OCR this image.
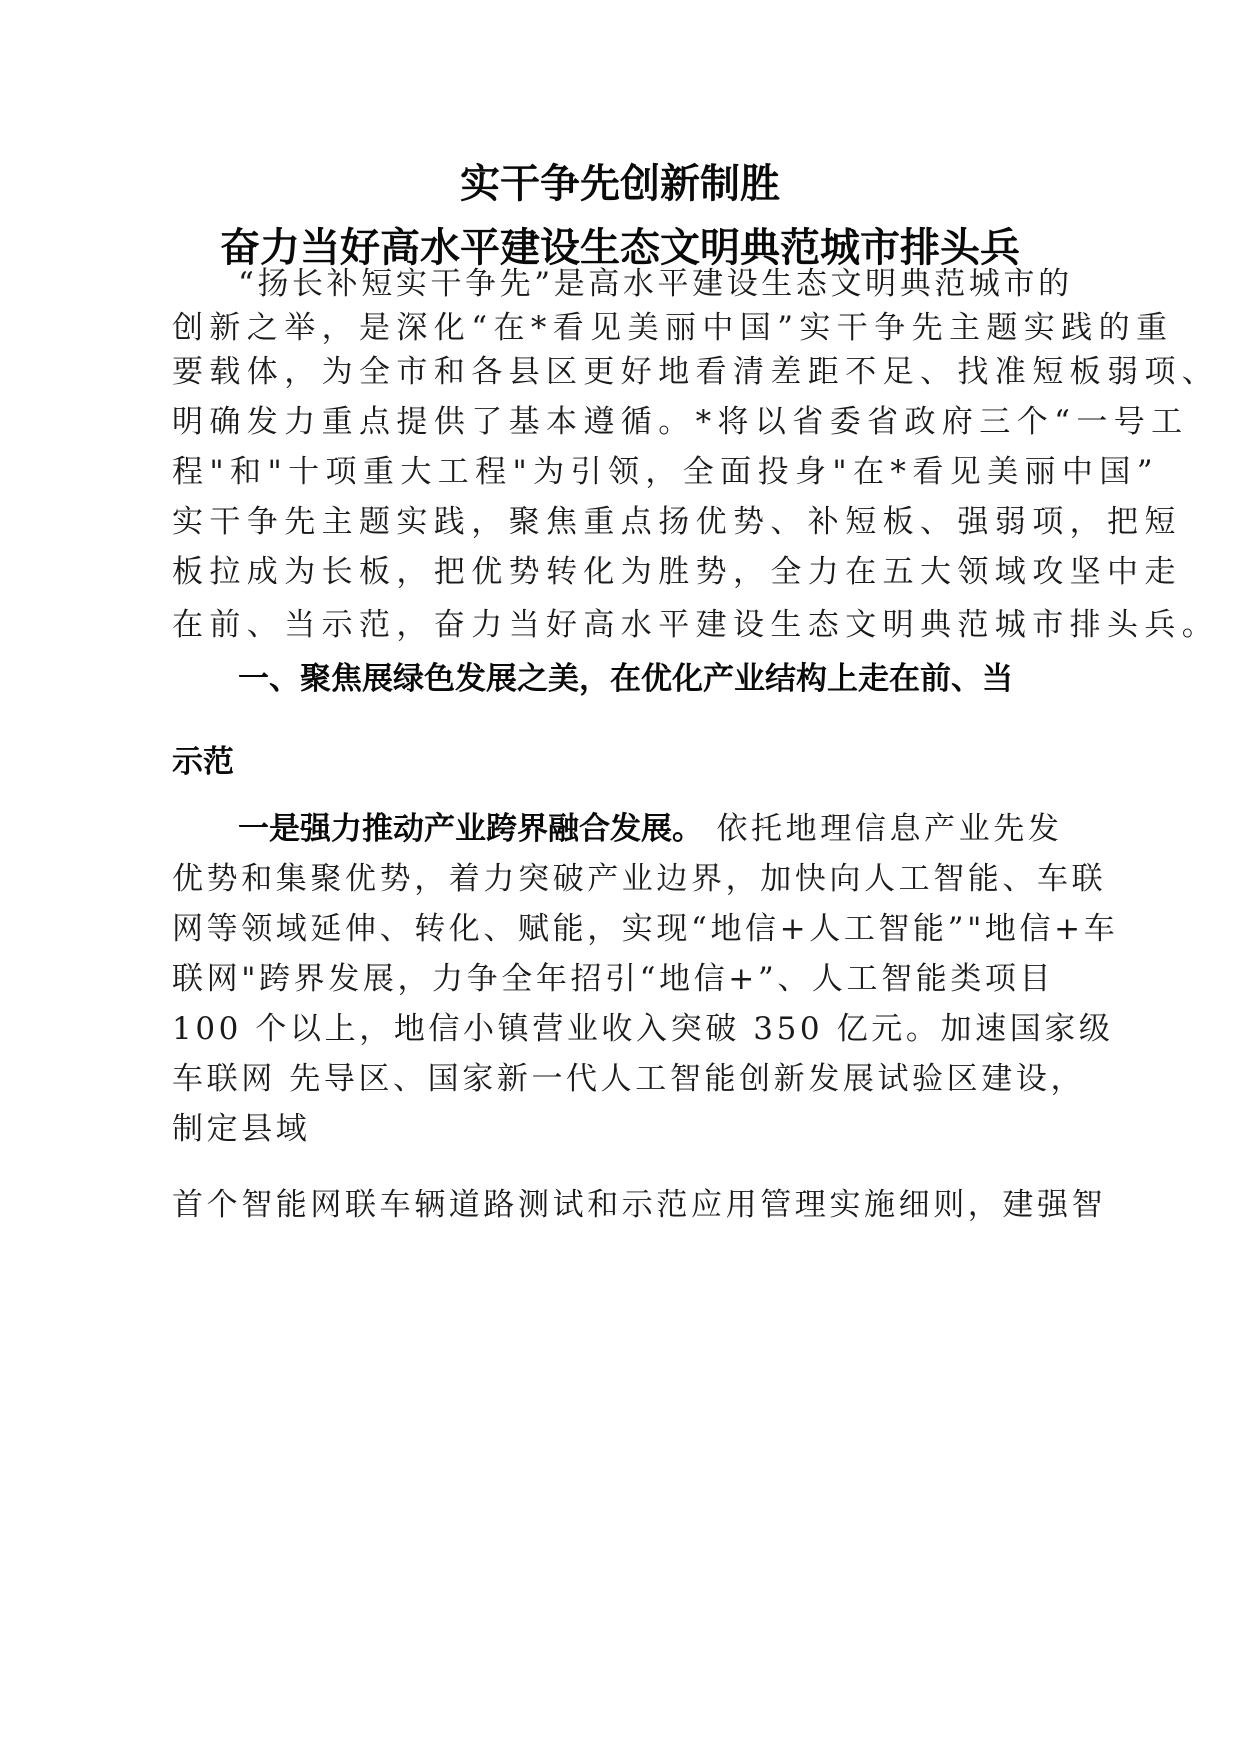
实干争先创新制胜
奋力当好高水平建设生态文明典范城市排头兵
“扬长补短实干争先”是高水平建设生态文明典范城市的
创新之举，是深化“在*看见美丽中国”实干争先主题实践的重
要载体，为全市和各县区更好地看清差距不足、找准短板弱项、
明确发力重点提供了基本遵循。*将以省委省政府三个“一号工
程"和"十项重大工程"为引领，全面投身"在*看见美丽中国”
实干争先主题实践，聚焦重点扬优势、补短板、强弱项，把短
板拉成为长板，把优势转化为胜势，全力在五大领域攻坚中走
在前、当示范，奋力当好高水平建设生态文明典范城市排头兵。
一、聚焦展绿色发展之美，在优化产业结构上走在前、当
示范
一是强力推动产业跨界融合发展。 依托地理信息产业先发
优势和集聚优势，着力突破产业边界，加快向人工智能、车联
网等领域延伸、转化、赋能，实现“地信+人工智能”"地信+车
联网"跨界发展，力争全年招引“地信+”、人工智能类项目
100 个以上，地信小镇营业收入突破 350 亿元。加速国家级
车联网 先导区、国家新一代人工智能创新发展试验区建设，
制定县域
首个智能网联车辆道路测试和示范应用管理实施细则，建强智
